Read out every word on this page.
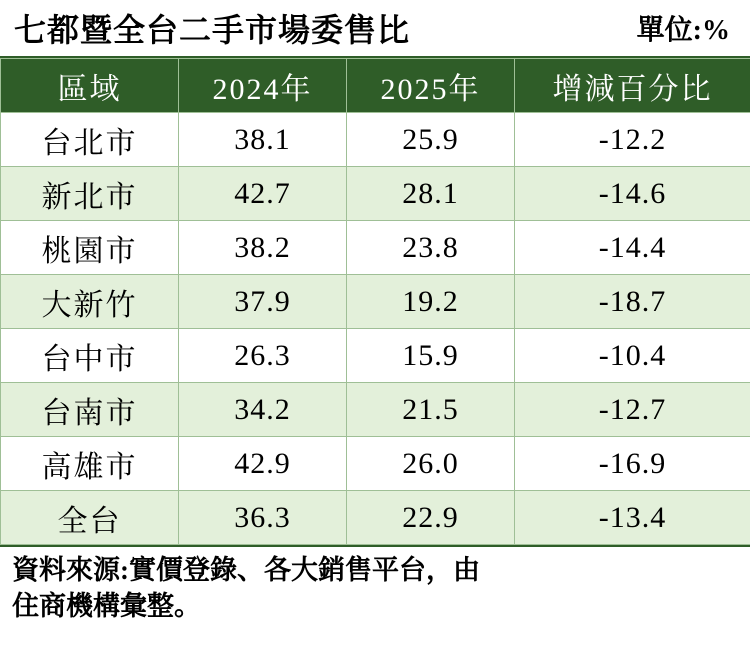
七都暨全台二手市場委售比	單位:%
區域	2024年	2025年	增減百分比
台北市	38.1	25.9	-12.2
新北市	42.7	28.1	-14.6
桃園市	38.2	23.8	-14.4
大新竹	37.9	19.2	-18.7
台中市	26.3	15.9	-10.4
台南市	34.2	21.5	-12.7
高雄市	42.9	26.0	-16.9
全台	36.3	22.9	-13.4
資料來源:實價登錄、各大銷售平台，由
住商機構彙整。
